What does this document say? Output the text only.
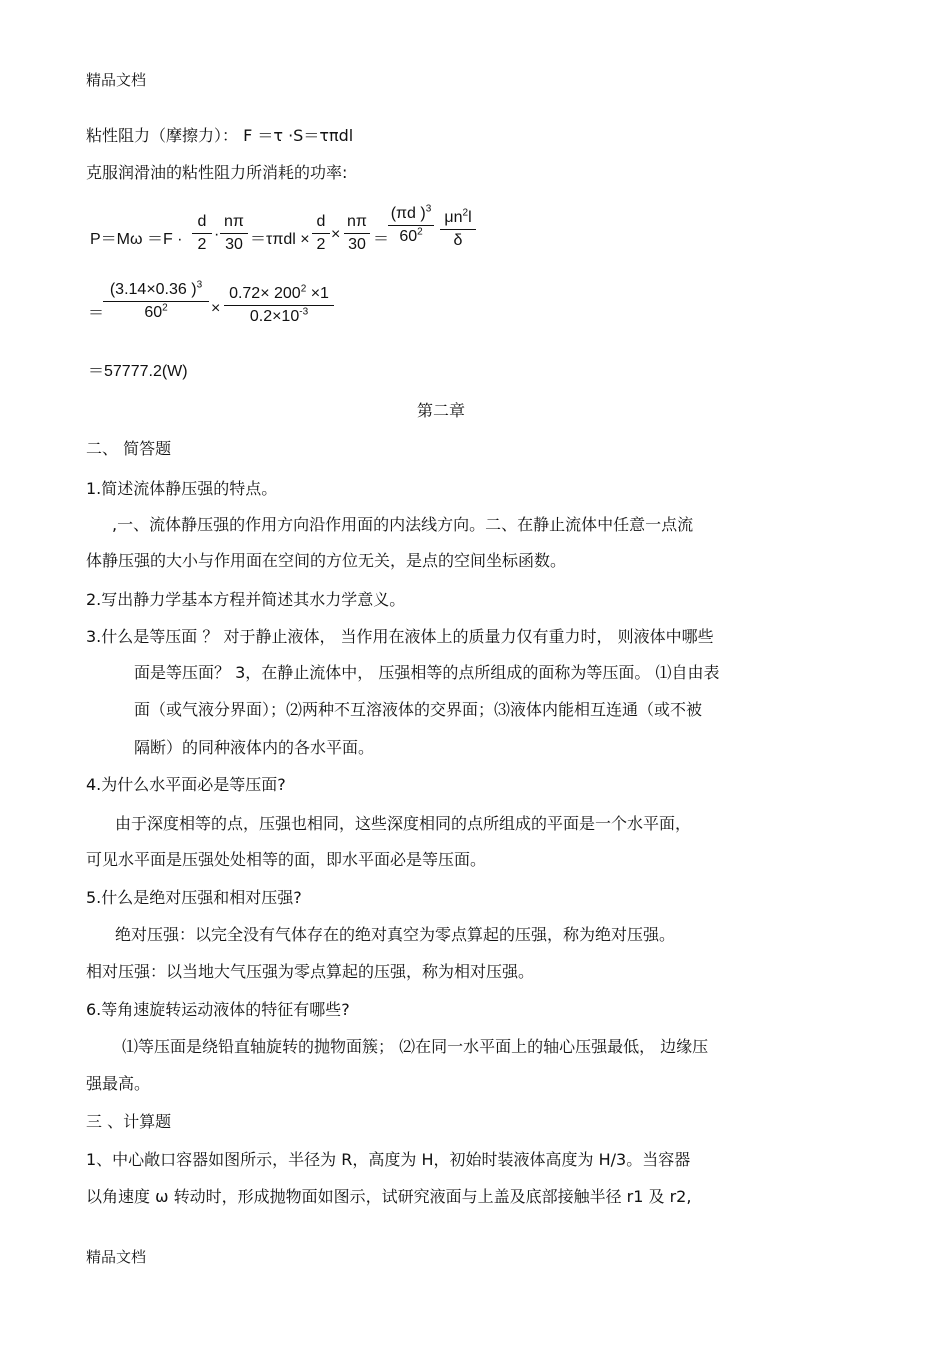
精品文档
粘性阻力（摩擦力）： F ＝τ ·S＝τπdl
克服润滑油的粘性阻力所消耗的功率:
P＝Mω ＝F ·
d
2
·
nπ
30 ＝τπdl ×
d
2
×
nπ
30 ＝
(πd )$^3$
$60^2$
$\mu n^2l$
δ
＝
(3.14×0.36 )$^3$
$60^2$	×
$0.72\times 200^2 \times 1$
$0.2\times 10^{-3}$
＝57777.2(W)
第二章
二、 简答题
1.简述流体静压强的特点。
,一、流体静压强的作用方向沿作用面的内法线方向。二、在静止流体中任意一点流
体静压强的大小与作用面在空间的方位无关，是点的空间坐标函数。
2.写出静力学基本方程并简述其水力学意义。
3.什么是等压面 ？ 对于静止液体， 当作用在液体上的质量力仅有重力时， 则液体中哪些
面是等压面？ 3，在静止流体中， 压强相等的点所组成的面称为等压面。 ⑴自由表
面（或气液分界面）；⑵两种不互溶液体的交界面；⑶液体内能相互连通（或不被
隔断）的同种液体内的各水平面。
4.为什么水平面必是等压面?
由于深度相等的点，压强也相同，这些深度相同的点所组成的平面是一个水平面，
可见水平面是压强处处相等的面，即水平面必是等压面。
5.什么是绝对压强和相对压强?
绝对压强：以完全没有气体存在的绝对真空为零点算起的压强，称为绝对压强。
相对压强：以当地大气压强为零点算起的压强，称为相对压强。
6.等角速旋转运动液体的特征有哪些?
⑴等压面是绕铅直轴旋转的抛物面簇； ⑵在同一水平面上的轴心压强最低， 边缘压
强最高。
三 、计算题
1、中心敞口容器如图所示，半径为 R，高度为 H，初始时装液体高度为 H/3。当容器
以角速度 ω 转动时，形成抛物面如图示，试研究液面与上盖及底部接触半径 r1 及 r2,
精品文档
